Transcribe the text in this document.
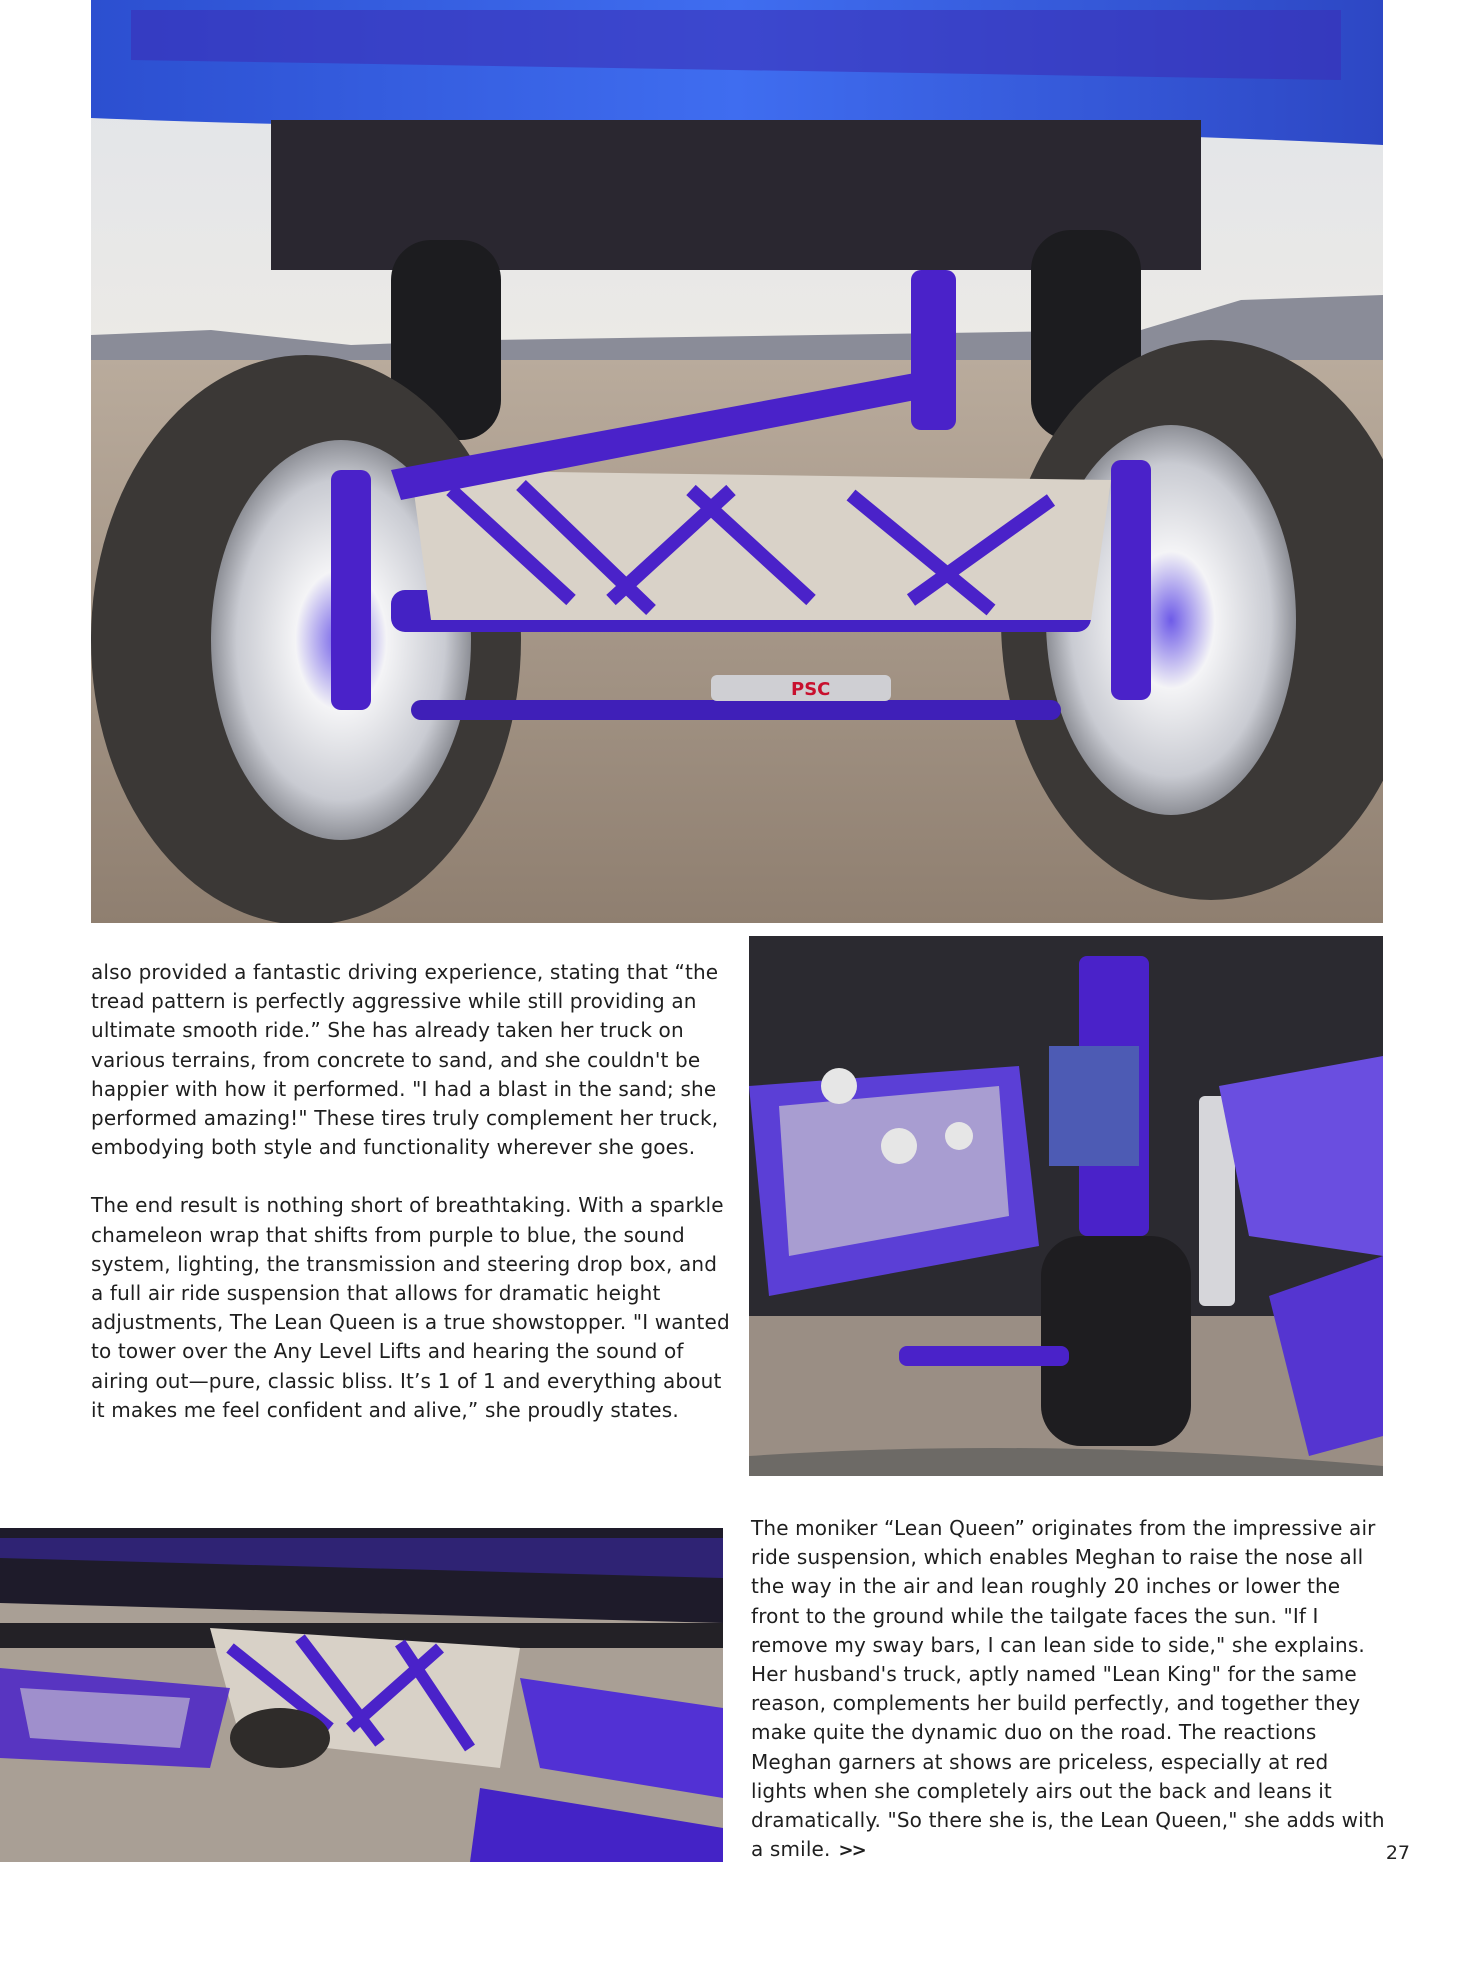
PSC

also provided a fantastic driving experience, stating that “the tread pattern is perfectly aggressive while still providing an ultimate smooth ride.” She has already taken her truck on various terrains, from concrete to sand, and she couldn't be happier with how it performed. "I had a blast in the sand; she performed amazing!" These tires truly complement her truck, embodying both style and functionality wherever she goes.

The end result is nothing short of breathtaking. With a sparkle chameleon wrap that shifts from purple to blue, the sound system, lighting, the transmission and steering drop box, and a full air ride suspension that allows for dramatic height adjustments, The Lean Queen is a true showstopper. "I wanted to tower over the Any Level Lifts and hearing the sound of airing out—pure, classic bliss. It’s 1 of 1 and everything about it makes me feel confident and alive,” she proudly states.

The moniker “Lean Queen” originates from the impressive air ride suspension, which enables Meghan to raise the nose all the way in the air and lean roughly 20 inches or lower the front to the ground while the tailgate faces the sun. "If I remove my sway bars, I can lean side to side," she explains. Her husband's truck, aptly named "Lean King" for the same reason, complements her build perfectly, and together they make quite the dynamic duo on the road. The reactions Meghan garners at shows are priceless, especially at red lights when she completely airs out the back and leans it dramatically. "So there she is, the Lean Queen," she adds with a smile. >>	27
